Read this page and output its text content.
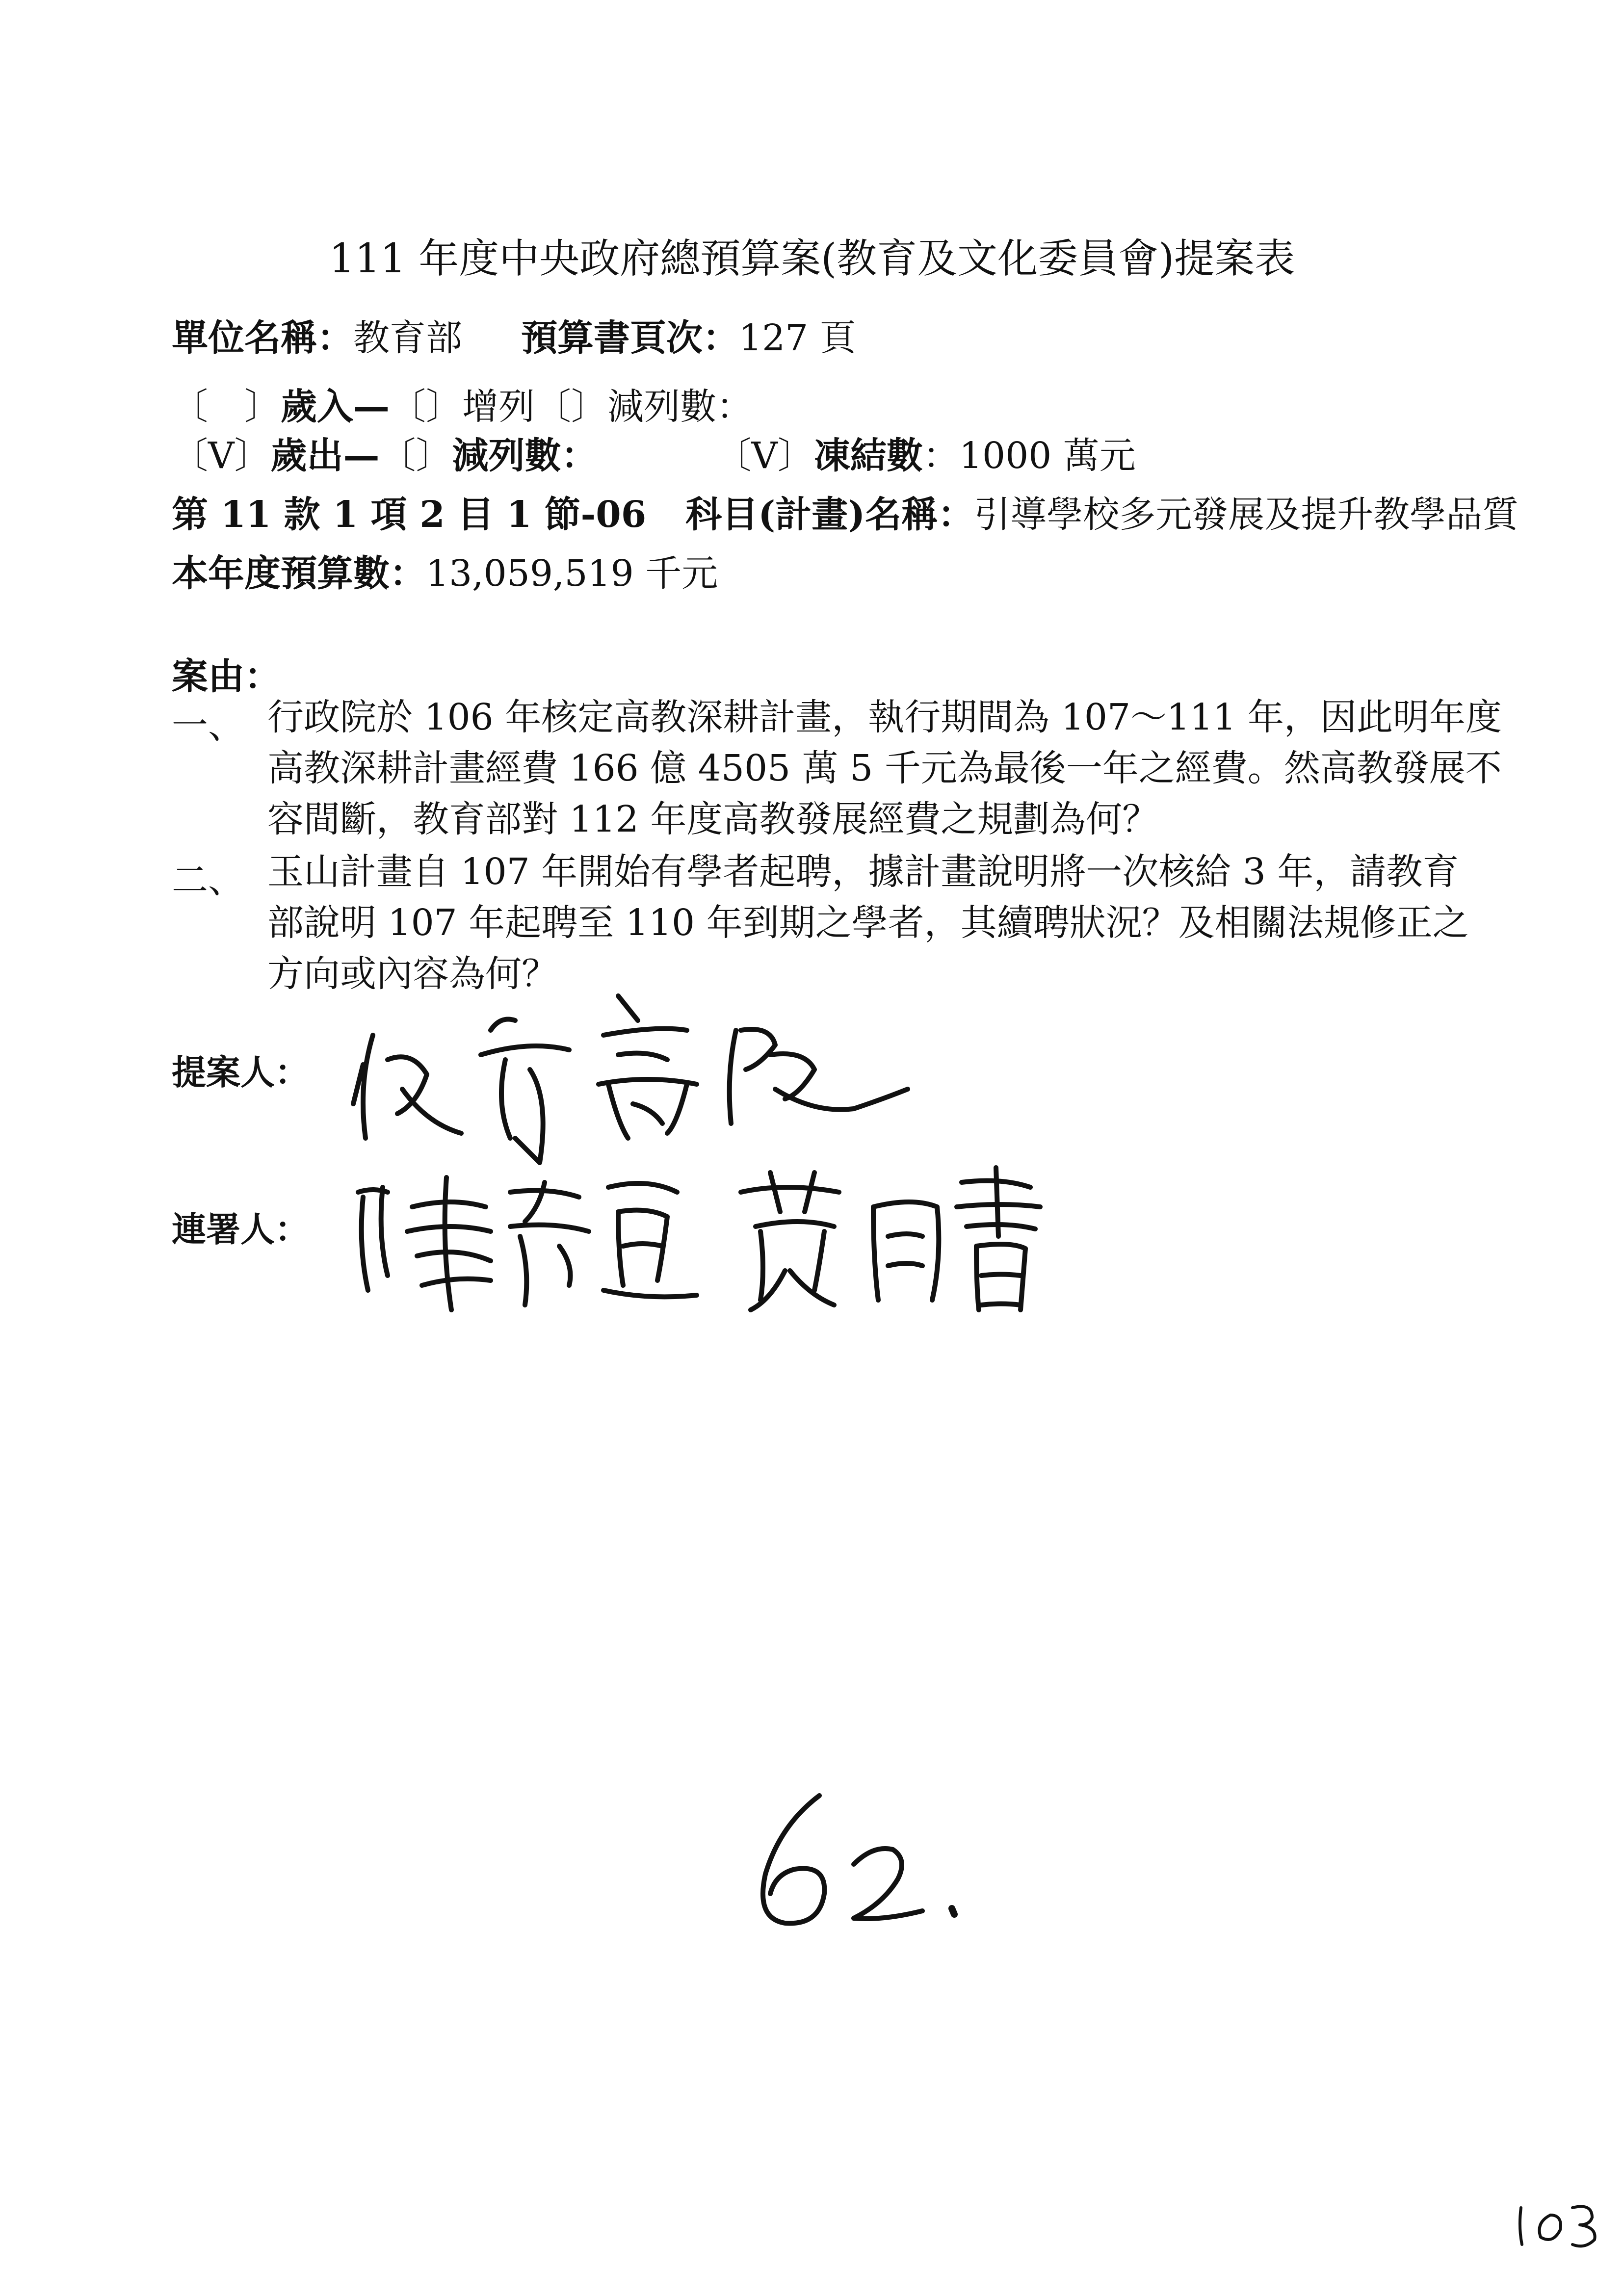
111 年度中央政府總預算案(教育及文化委員會)提案表
單位名稱：教育部 預算書頁次：127 頁
〔　〕歲入—〔〕增列〔〕減列數：
〔V〕歲出—〔〕減列數：	〔V〕凍結數：1000 萬元
第 11 款 1 項 2 目 1 節-06 科目(計畫)名稱：引導學校多元發展及提升教學品質
本年度預算數：13,059,519 千元
案由：
一、 行政院於 106 年核定高教深耕計畫，執行期間為 107～111 年，因此明年度
高教深耕計畫經費 166 億 4505 萬 5 千元為最後一年之經費。然高教發展不
容間斷，教育部對 112 年度高教發展經費之規劃為何？
二、 玉山計畫自 107 年開始有學者起聘，據計畫說明將一次核給 3 年，請教育
部說明 107 年起聘至 110 年到期之學者，其續聘狀況？及相關法規修正之
方向或內容為何？
提案人：
連署人：
